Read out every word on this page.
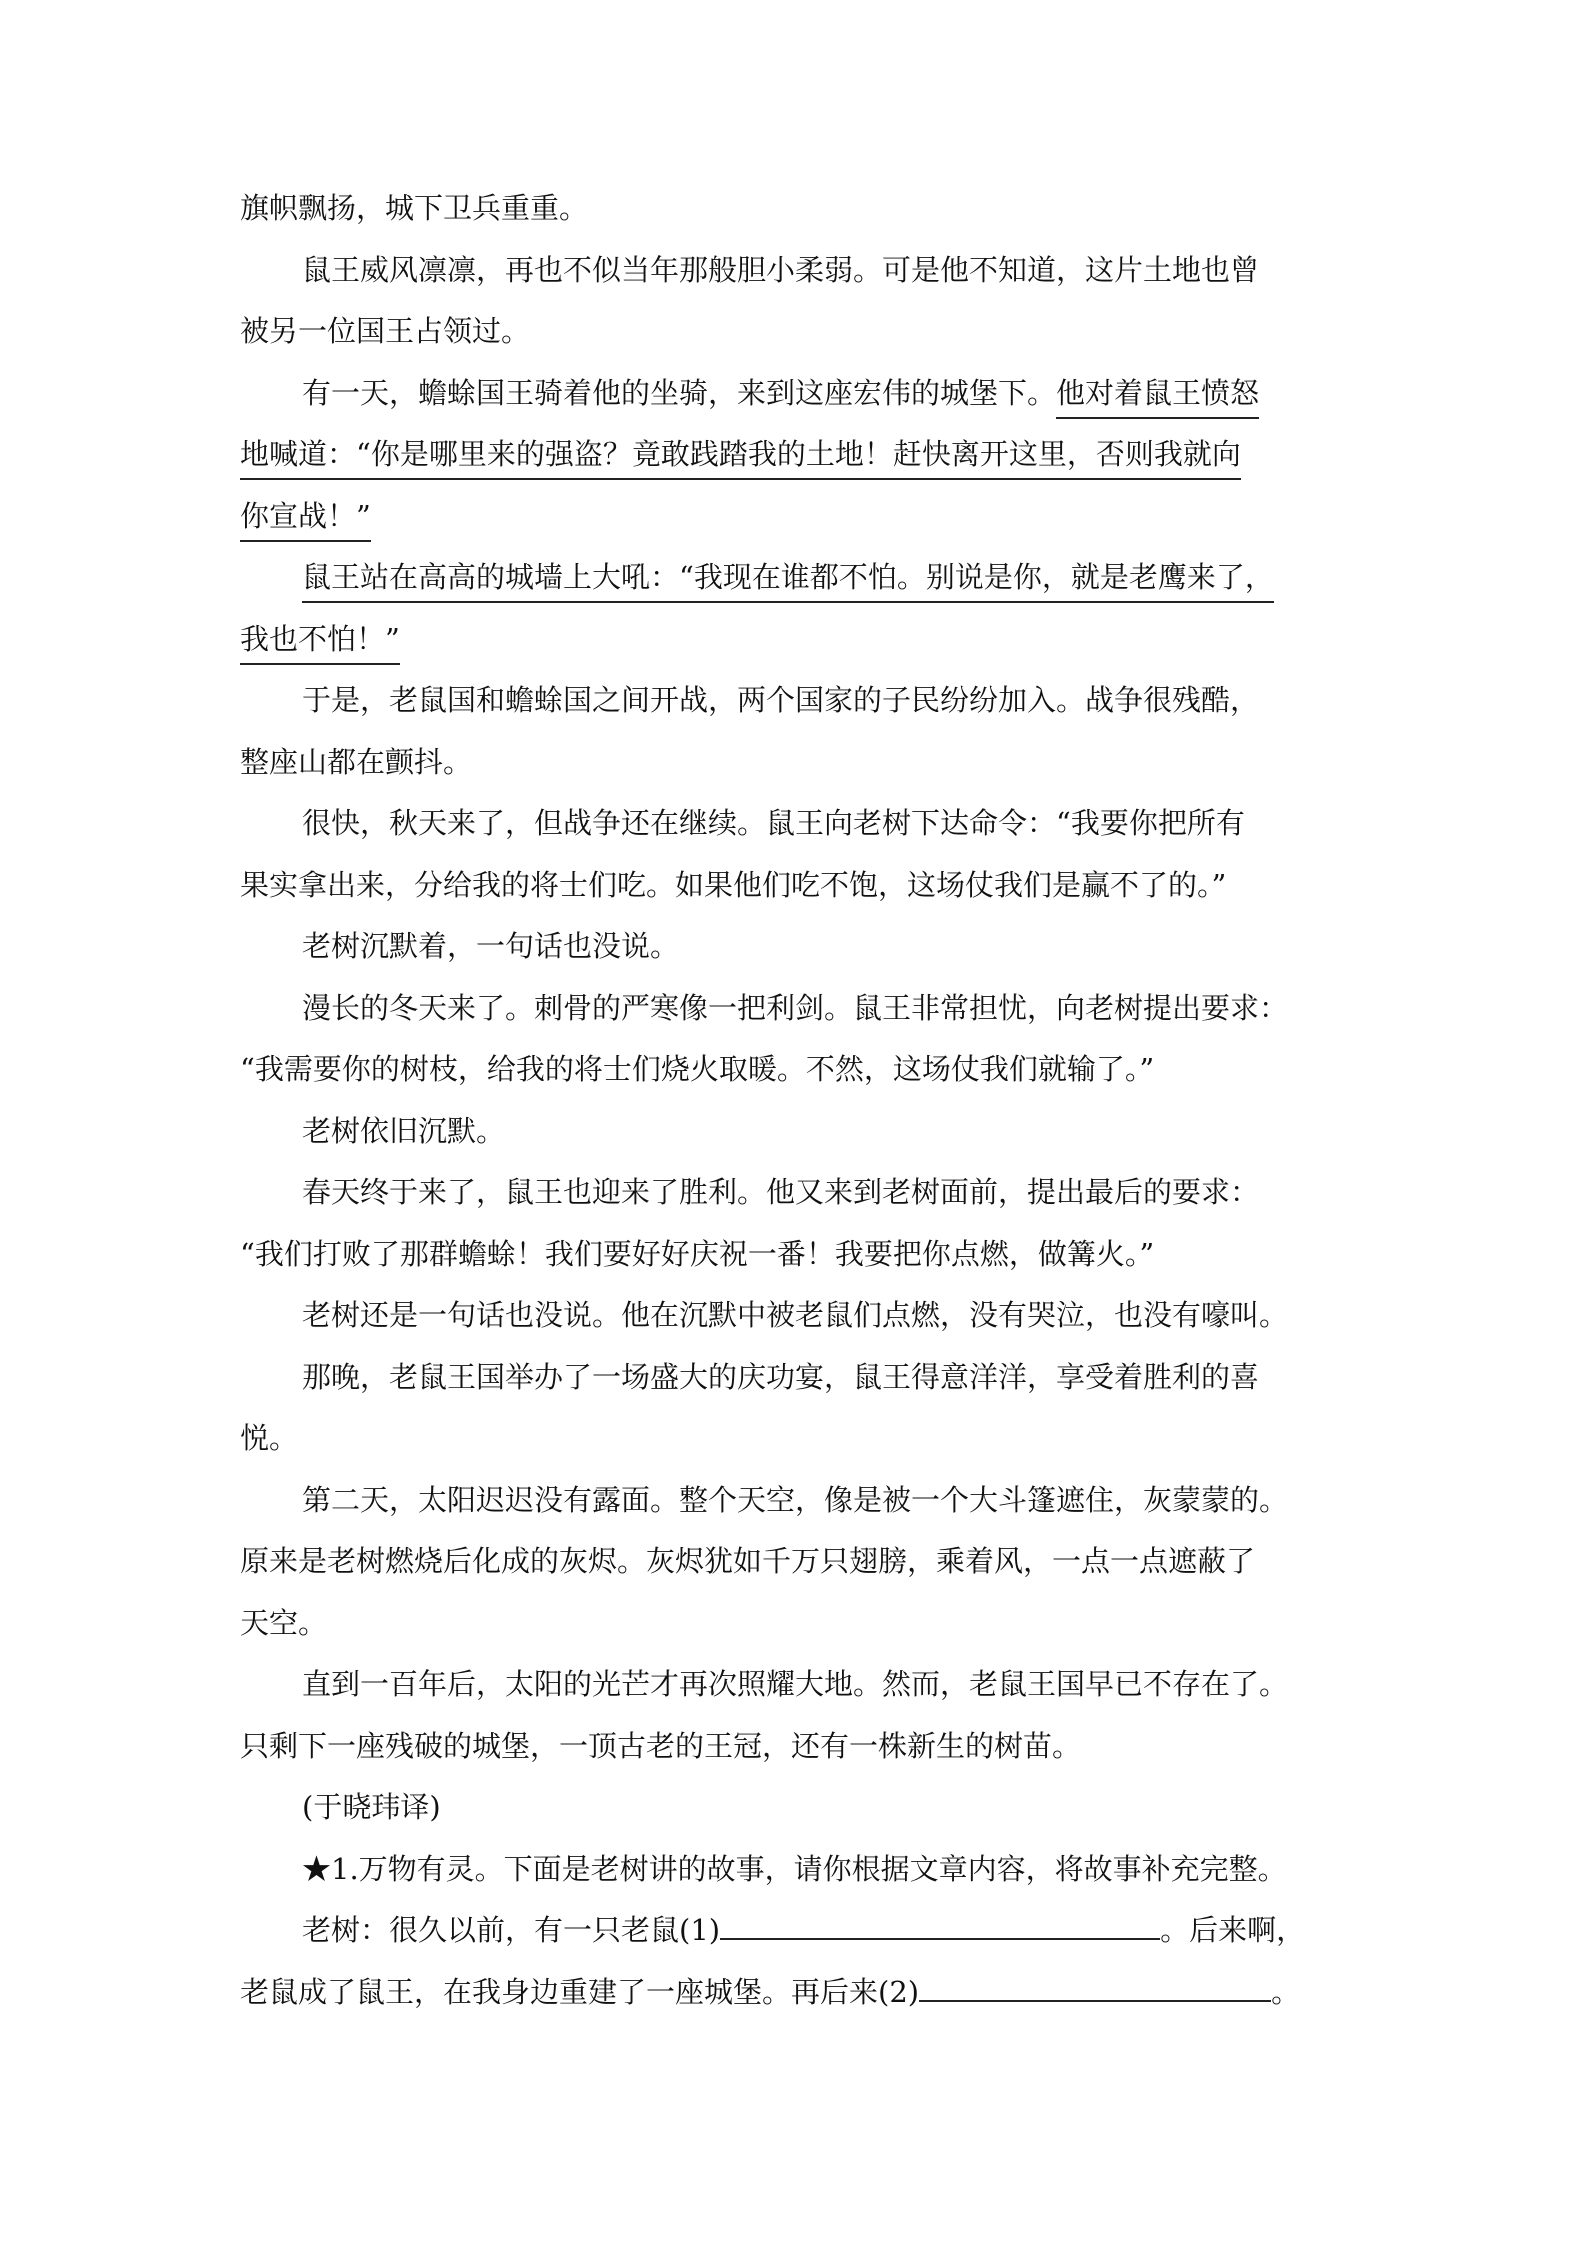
旗帜飘扬，城下卫兵重重。
鼠王威风凛凛，再也不似当年那般胆小柔弱。可是他不知道，这片土地也曾
被另一位国王占领过。
有一天，蟾蜍国王骑着他的坐骑，来到这座宏伟的城堡下。他对着鼠王愤怒
地喊道：“你是哪里来的强盗？竟敢践踏我的土地！赶快离开这里，否则我就向
你宣战！”
鼠王站在高高的城墙上大吼：“我现在谁都不怕。别说是你，就是老鹰来了，
我也不怕！”
于是，老鼠国和蟾蜍国之间开战，两个国家的子民纷纷加入。战争很残酷，
整座山都在颤抖。
很快，秋天来了，但战争还在继续。鼠王向老树下达命令：“我要你把所有
果实拿出来，分给我的将士们吃。如果他们吃不饱，这场仗我们是赢不了的。”
老树沉默着，一句话也没说。
漫长的冬天来了。刺骨的严寒像一把利剑。鼠王非常担忧，向老树提出要求：
“我需要你的树枝，给我的将士们烧火取暖。不然，这场仗我们就输了。”
老树依旧沉默。
春天终于来了，鼠王也迎来了胜利。他又来到老树面前，提出最后的要求：
“我们打败了那群蟾蜍！我们要好好庆祝一番！我要把你点燃，做篝火。”
老树还是一句话也没说。他在沉默中被老鼠们点燃，没有哭泣，也没有嚎叫。
那晚，老鼠王国举办了一场盛大的庆功宴，鼠王得意洋洋，享受着胜利的喜
悦。
第二天，太阳迟迟没有露面。整个天空，像是被一个大斗篷遮住，灰蒙蒙的。
原来是老树燃烧后化成的灰烬。灰烬犹如千万只翅膀，乘着风，一点一点遮蔽了
天空。
直到一百年后，太阳的光芒才再次照耀大地。然而，老鼠王国早已不存在了。
只剩下一座残破的城堡，一顶古老的王冠，还有一株新生的树苗。
(于晓玮译)
★1.万物有灵。下面是老树讲的故事，请你根据文章内容，将故事补充完整。
老树：很久以前，有一只老鼠(1)	。后来啊，
老鼠成了鼠王，在我身边重建了一座城堡。再后来(2)	。
